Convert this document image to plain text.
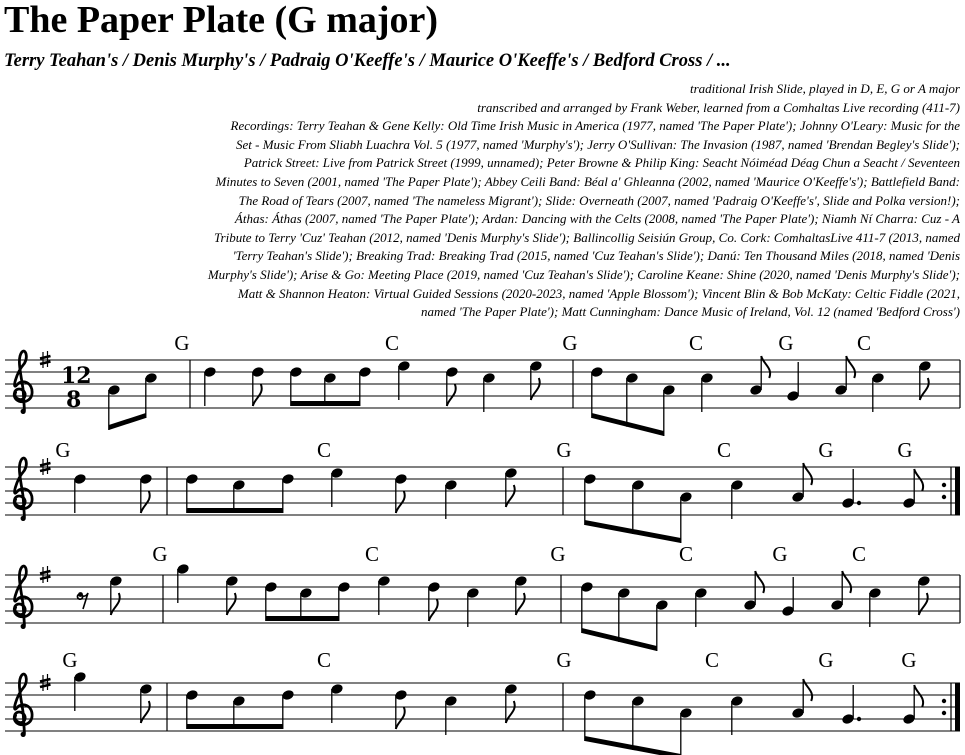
The Paper Plate (G major)
Terry Teahan's / Denis Murphy's / Padraig O'Keeffe's / Maurice O'Keeffe's / Bedford Cross / ...
traditional Irish Slide, played in D, E, G or A major
transcribed and arranged by Frank Weber, learned from a Comhaltas Live recording (411-7)
Recordings: Terry Teahan & Gene Kelly: Old Time Irish Music in America (1977, named 'The Paper Plate'); Johnny O'Leary: Music for the
Set - Music From Sliabh Luachra Vol. 5 (1977, named 'Murphy's'); Jerry O'Sullivan: The Invasion (1987, named 'Brendan Begley's Slide');
Patrick Street: Live from Patrick Street (1999, unnamed); Peter Browne & Philip King: Seacht Nóiméad Déag Chun a Seacht / Seventeen
Minutes to Seven (2001, named 'The Paper Plate'); Abbey Ceili Band: Béal a' Ghleanna (2002, named 'Maurice O'Keeffe's'); Battlefield Band:
The Road of Tears (2007, named 'The nameless Migrant'); Slide: Overneath (2007, named 'Padraig O'Keeffe's', Slide and Polka version!);
Áthas: Áthas (2007, named 'The Paper Plate'); Ardan: Dancing with the Celts (2008, named 'The Paper Plate'); Niamh Ní Charra: Cuz - A
Tribute to Terry 'Cuz' Teahan (2012, named 'Denis Murphy's Slide'); Ballincollig Seisiún Group, Co. Cork: ComhaltasLive 411-7 (2013, named
'Terry Teahan's Slide'); Breaking Trad: Breaking Trad (2015, named 'Cuz Teahan's Slide'); Danú: Ten Thousand Miles (2018, named 'Denis
Murphy's Slide'); Arise & Go: Meeting Place (2019, named 'Cuz Teahan's Slide'); Caroline Keane: Shine (2020, named 'Denis Murphy's Slide');
Matt & Shannon Heaton: Virtual Guided Sessions (2020-2023, named 'Apple Blossom'); Vincent Blin & Bob McKaty: Celtic Fiddle (2021,
named 'The Paper Plate'); Matt Cunningham: Dance Music of Ireland, Vol. 12 (named 'Bedford Cross')
12
8
G	C	G	C	G	C
G	C	G	C	G	G
G	C	G	C	G	C
G	C	G	C	G	G
